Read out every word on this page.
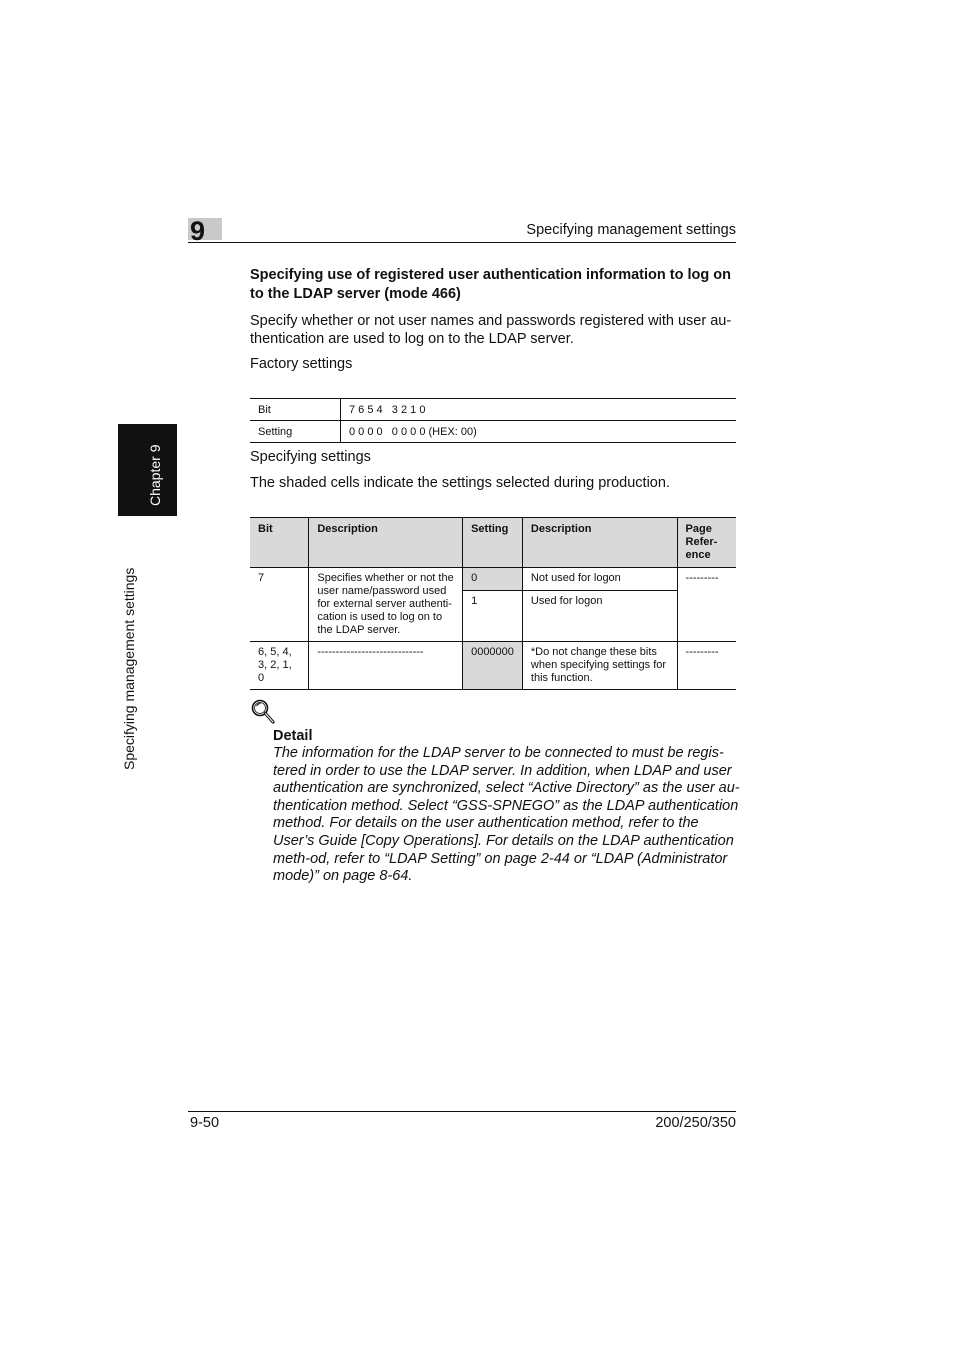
9	Specifying management settings
Chapter 9
Specifying management settings
Specifying use of registered user authentication information to log on to the LDAP server (mode 466)
Specify whether or not user names and passwords registered with user au-thentication are used to log on to the LDAP server.
Factory settings
Bit	7 6 5 4   3 2 1 0
Setting	0 0 0 0   0 0 0 0 (HEX: 00)
Specifying settings
The shaded cells indicate the settings selected during production.
Bit	Description	Setting	Description	Page Refer-ence
7	Specifies whether or not the user name/password used for external server authenti-cation is used to log on to the LDAP server.	0	Not used for logon	---------
		1	Used for logon	
6, 5, 4, 3, 2, 1, 0	-----------------------------	0000000	*Do not change these bits when specifying settings for this function.	---------
Detail
The information for the LDAP server to be connected to must be regis-tered in order to use the LDAP server. In addition, when LDAP and user authentication are synchronized, select “Active Directory” as the user au-thentication method. Select “GSS-SPNEGO” as the LDAP authentication method. For details on the user authentication method, refer to the User’s Guide [Copy Operations]. For details on the LDAP authentication meth-od, refer to “LDAP Setting” on page 2-44 or “LDAP (Administrator mode)” on page 8-64.
9-50	200/250/350
